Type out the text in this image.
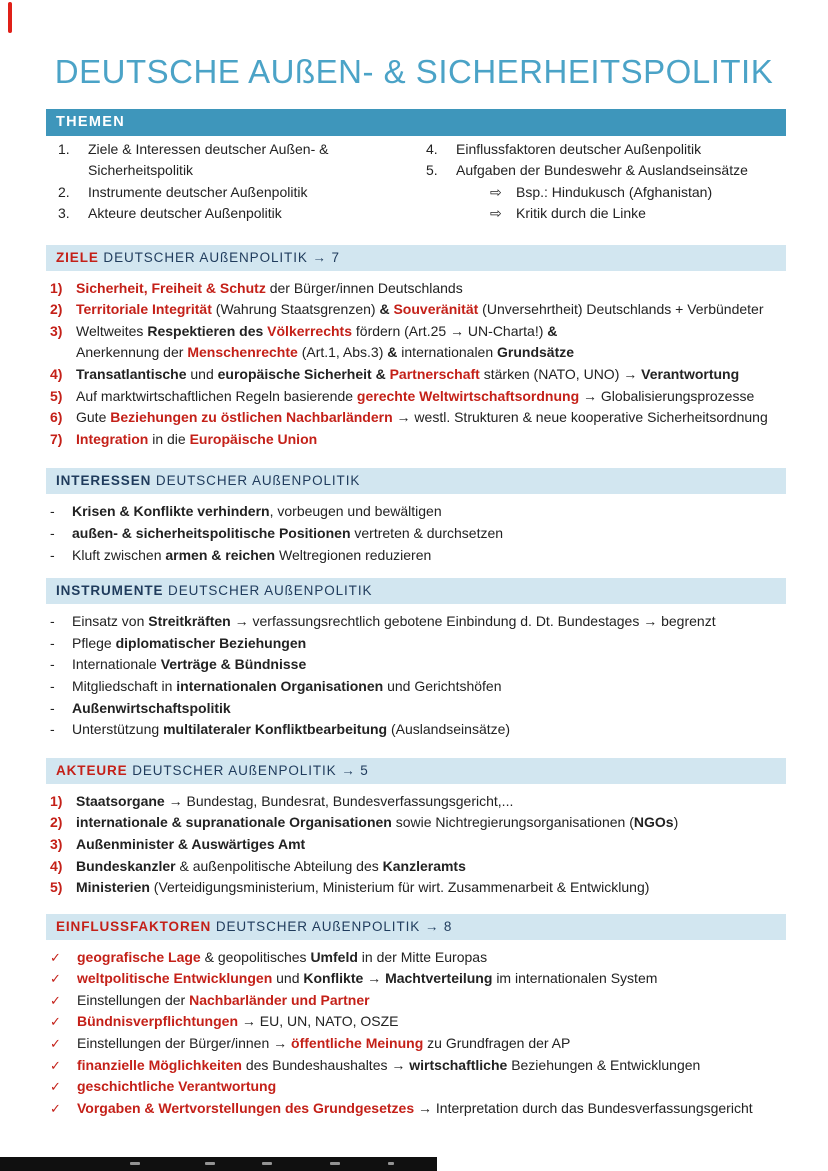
DEUTSCHE AUßEN- & SICHERHEITSPOLITIK
THEMEN
1.	Ziele & Interessen deutscher Außen- &
Sicherheitspolitik
2.	Instrumente deutscher Außenpolitik
3.	Akteure deutscher Außenpolitik
4.	Einflussfaktoren deutscher Außenpolitik
5.	Aufgaben der Bundeswehr & Auslandseinsätze
⇨	Bsp.: Hindukusch (Afghanistan)
⇨	Kritik durch die Linke
ZIELE DEUTSCHER AUßENPOLITIK → 7
1) Sicherheit, Freiheit & Schutz der Bürger/innen Deutschlands
2) Territoriale Integrität (Wahrung Staatsgrenzen) & Souveränität (Unversehrtheit) Deutschlands + Verbündeter
3) Weltweites Respektieren des Völkerrechts fördern (Art.25 → UN-Charta!) &
Anerkennung der Menschenrechte (Art.1, Abs.3) & internationalen Grundsätze
4) Transatlantische und europäische Sicherheit & Partnerschaft stärken (NATO, UNO) → Verantwortung
5) Auf marktwirtschaftlichen Regeln basierende gerechte Weltwirtschaftsordnung → Globalisierungsprozesse
6) Gute Beziehungen zu östlichen Nachbarländern → westl. Strukturen & neue kooperative Sicherheitsordnung
7) Integration in die Europäische Union
INTERESSEN DEUTSCHER AUßENPOLITIK
-	Krisen & Konflikte verhindern, vorbeugen und bewältigen
-	außen- & sicherheitspolitische Positionen vertreten & durchsetzen
-	Kluft zwischen armen & reichen Weltregionen reduzieren
INSTRUMENTE DEUTSCHER AUßENPOLITIK
-	Einsatz von Streitkräften → verfassungsrechtlich gebotene Einbindung d. Dt. Bundestages → begrenzt
-	Pflege diplomatischer Beziehungen
-	Internationale Verträge & Bündnisse
-	Mitgliedschaft in internationalen Organisationen und Gerichtshöfen
-	Außenwirtschaftspolitik
-	Unterstützung multilateraler Konfliktbearbeitung (Auslandseinsätze)
AKTEURE DEUTSCHER AUßENPOLITIK → 5
1) Staatsorgane → Bundestag, Bundesrat, Bundesverfassungsgericht,...
2) internationale & supranationale Organisationen sowie Nichtregierungsorganisationen (NGOs)
3) Außenminister & Auswärtiges Amt
4) Bundeskanzler & außenpolitische Abteilung des Kanzleramts
5) Ministerien (Verteidigungsministerium, Ministerium für wirt. Zusammenarbeit & Entwicklung)
EINFLUSSFAKTOREN DEUTSCHER AUßENPOLITIK → 8
✓	geografische Lage & geopolitisches Umfeld in der Mitte Europas
✓	weltpolitische Entwicklungen und Konflikte → Machtverteilung im internationalen System
✓	Einstellungen der Nachbarländer und Partner
✓	Bündnisverpflichtungen → EU, UN, NATO, OSZE
✓	Einstellungen der Bürger/innen → öffentliche Meinung zu Grundfragen der AP
✓	finanzielle Möglichkeiten des Bundeshaushaltes → wirtschaftliche Beziehungen & Entwicklungen
✓	geschichtliche Verantwortung
✓	Vorgaben & Wertvorstellungen des Grundgesetzes → Interpretation durch das Bundesverfassungsgericht
